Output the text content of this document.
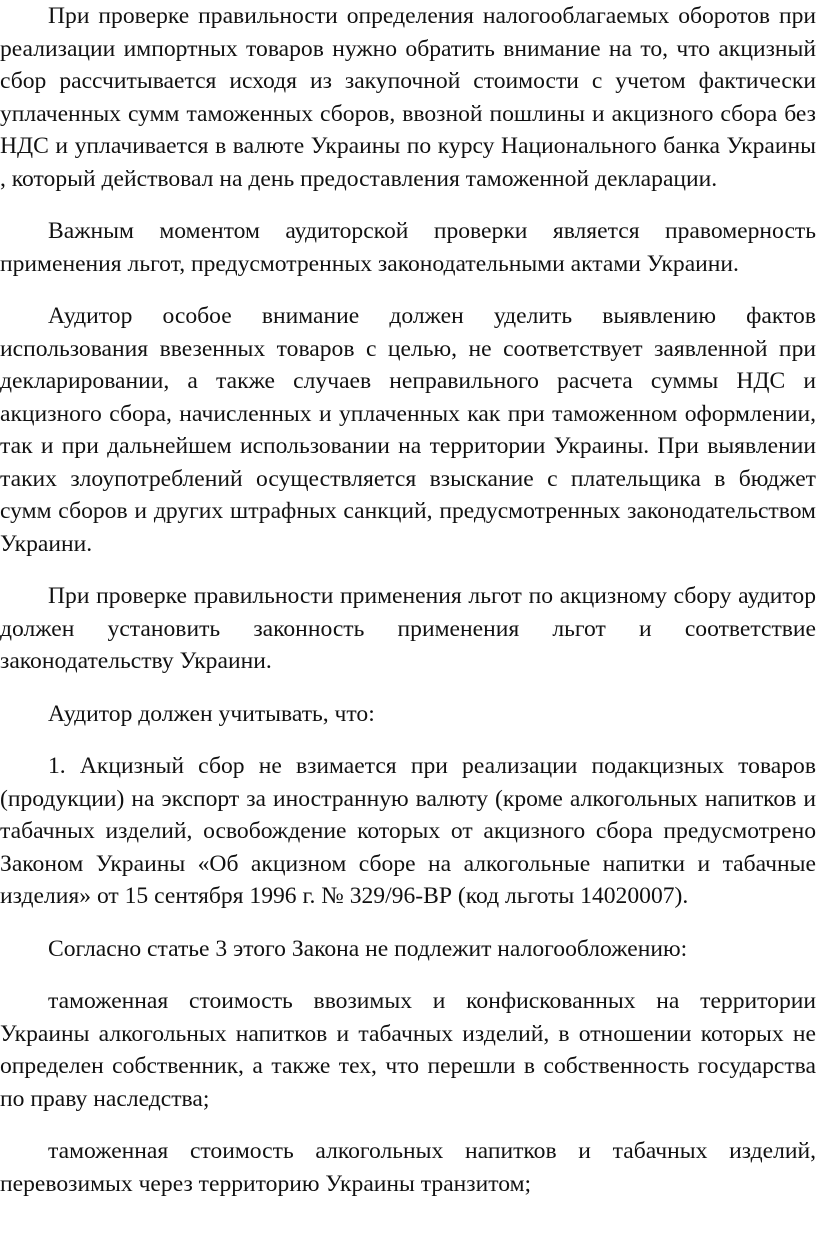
При проверке правильности определения налогооблагаемых оборотов при реализации импортных товаров нужно обратить внимание на то, что акцизный сбор рассчитывается исходя из закупочной стоимости с учетом фактически уплаченных сумм таможенных сборов, ввозной пошлины и акцизного сбора без НДС и уплачивается в валюте Украины по курсу Национального банка Украины , который действовал на день предоставления таможенной декларации.

Важным моментом аудиторской проверки является правомерность применения льгот, предусмотренных законодательными актами Украини.

Аудитор особое внимание должен уделить выявлению фактов использования ввезенных товаров с целью, не соответствует заявленной при декларировании, а также случаев неправильного расчета суммы НДС и акцизного сбора, начисленных и уплаченных как при таможенном оформлении, так и при дальнейшем использовании на территории Украины. При выявлении таких злоупотреблений осуществляется взыскание с плательщика в бюджет сумм сборов и других штрафных санкций, предусмотренных законодательством Украини.

При проверке правильности применения льгот по акцизному сбору аудитор должен установить законность применения льгот и соответствие законодательству Украини.

Аудитор должен учитывать, что:

1. Акцизный сбор не взимается при реализации подакцизных товаров (продукции) на экспорт за иностранную валюту (кроме алкогольных напитков и табачных изделий, освобождение которых от акцизного сбора предусмотрено Законом Украины «Об акцизном сборе на алкогольные напитки и табачные изделия» от 15 сентября 1996 г. № 329/96-ВР (код льготы 14020007).

Согласно статье 3 этого Закона не подлежит налогообложению:

таможенная стоимость ввозимых и конфискованных на территории Украины алкогольных напитков и табачных изделий, в отношении которых не определен собственник, а также тех, что перешли в собственность государства по праву наследства;

таможенная стоимость алкогольных напитков и табачных изделий, перевозимых через территорию Украины транзитом;
